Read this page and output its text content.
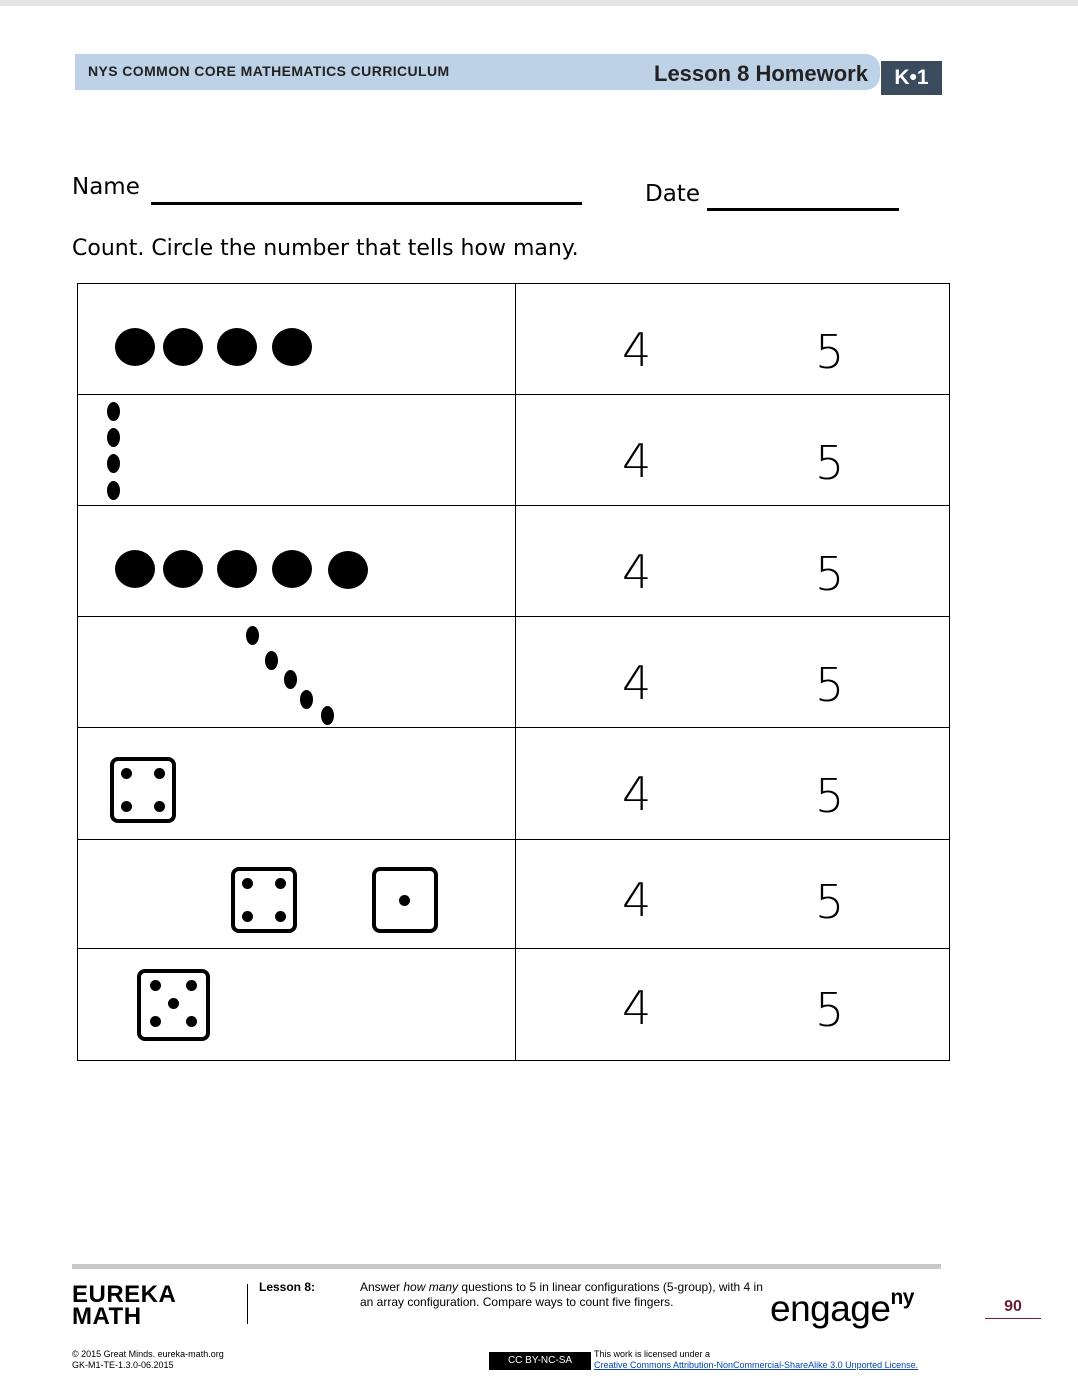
NYS COMMON CORE MATHEMATICS CURRICULUM	Lesson 8 Homework	K•1
Name	Date
Count. Circle the number that tells how many.
4	5
4	5
4	5
4	5
4	5
4	5
4	5
EUREKA
MATH
Lesson 8:	Answer how many questions to 5 in linear configurations (5-group), with 4 in an array configuration. Compare ways to count five fingers.	engage$^{ny}$	90
© 2015 Great Minds. eureka-math.org
GK-M1-TE-1.3.0-06.2015	CC BY-NC-SA
This work is licensed under a
Creative Commons Attribution-NonCommercial-ShareAlike 3.0 Unported License.
